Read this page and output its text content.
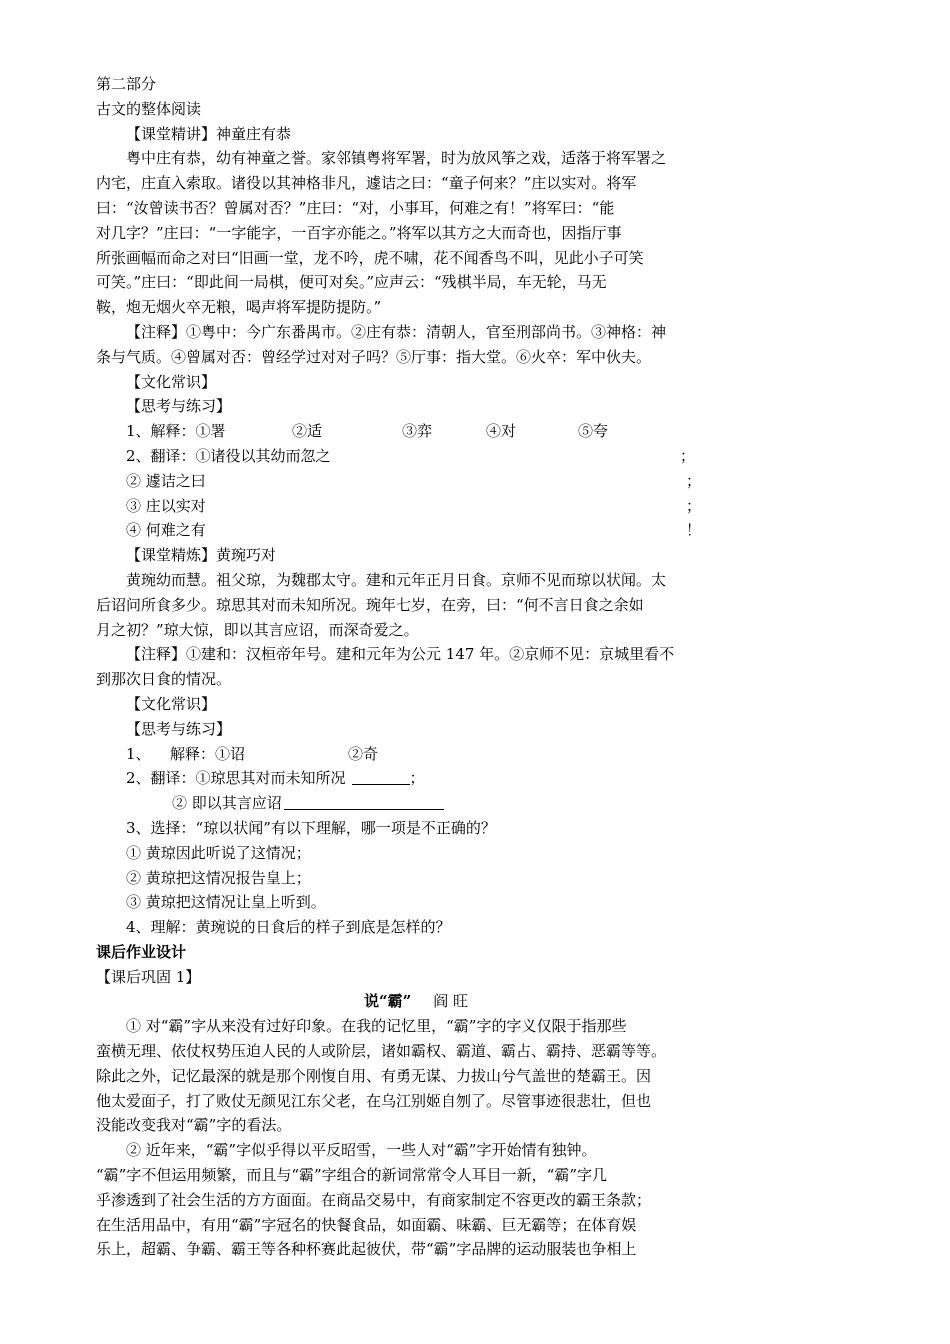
第二部分
古文的整体阅读
【课堂精讲】神童庄有恭
粤中庄有恭，幼有神童之誉。家邻镇粤将军署，时为放风筝之戏，适落于将军署之
内宅，庄直入索取。诸役以其神格非凡，遽诘之曰：“童子何来？”庄以实对。将军
曰：“汝曾读书否？曾属对否？”庄曰：“对，小事耳，何难之有！”将军曰：“能
对几字？”庄曰：“一字能字，一百字亦能之。”将军以其方之大而奇也，因指厅事
所张画幅而命之对曰“旧画一堂，龙不吟，虎不啸，花不闻香鸟不叫，见此小子可笑
可笑。”庄曰：“即此间一局棋，便可对矣。”应声云：“残棋半局，车无轮，马无
鞍，炮无烟火卒无粮，喝声将军提防提防。”
【注释】①粤中：今广东番禺市。②庄有恭：清朝人，官至刑部尚书。③神格：神
条与气质。④曾属对否：曾经学过对对子吗？⑤厅事：指大堂。⑥火卒：军中伙夫。
【文化常识】
【思考与练习】
1、解释：①署	②适	③弈	④对	⑤夸
2、翻译：①诸役以其幼而忽之	；
② 遽诘之曰	；
③ 庄以实对	；
④ 何难之有	！
【课堂精炼】黄琬巧对
黄琬幼而慧。祖父琼，为魏郡太守。建和元年正月日食。京师不见而琼以状闻。太
后诏问所食多少。琼思其对而未知所况。琬年七岁，在旁，曰：“何不言日食之余如
月之初？”琼大惊，即以其言应诏，而深奇爱之。
【注释】①建和：汉桓帝年号。建和元年为公元 147 年。②京师不见：京城里看不
到那次日食的情况。
【文化常识】
【思考与练习】
1、 解释：①诏	②奇
2、翻译：①琼思其对而未知所况	；
② 即以其言应诏
3、选择：“琼以状闻”有以下理解，哪一项是不正确的？
① 黄琼因此听说了这情况；
② 黄琼把这情况报告皇上；
③ 黄琼把这情况让皇上听到。
4、理解：黄琬说的日食后的样子到底是怎样的？
课后作业设计
【课后巩固 1】
说“霸” 阎 旺
① 对“霸”字从来没有过好印象。在我的记忆里，“霸”字的字义仅限于指那些
蛮横无理、依仗权势压迫人民的人或阶层，诸如霸权、霸道、霸占、霸持、恶霸等等。
除此之外，记忆最深的就是那个刚愎自用、有勇无谋、力拔山兮气盖世的楚霸王。因
他太爱面子，打了败仗无颜见江东父老，在乌江别姬自刎了。尽管事迹很悲壮，但也
没能改变我对“霸”字的看法。
② 近年来，“霸”字似乎得以平反昭雪，一些人对“霸”字开始情有独钟。
“霸”字不但运用频繁，而且与“霸”字组合的新词常常令人耳目一新，“霸”字几
乎渗透到了社会生活的方方面面。在商品交易中，有商家制定不容更改的霸王条款；
在生活用品中，有用“霸”字冠名的快餐食品，如面霸、味霸、巨无霸等；在体育娱
乐上，超霸、争霸、霸王等各种杯赛此起彼伏，带“霸”字品牌的运动服装也争相上
